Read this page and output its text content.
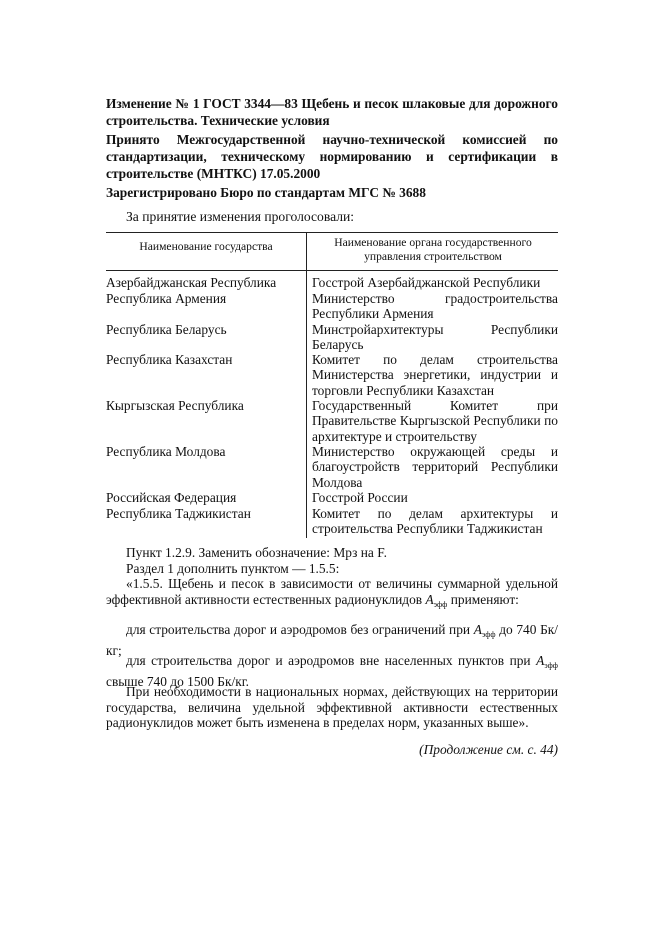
Изменение № 1 ГОСТ 3344—83 Щебень и песок шлаковые для дорожного строительства. Технические условия

Принято Межгосударственной научно-технической комиссией по стандартизации, техническому нормированию и сертификации в строительстве (МНТКС) 17.05.2000

Зарегистрировано Бюро по стандартам МГС № 3688

За принятие изменения проголосовали:
Наименование государства	Наименование органа государственного управления строительством
Азербайджанская Республика	Госстрой Азербайджанской Республики
Республика Армения	Министерство градостроительства Республики Армения
Республика Беларусь	Минстройархитектуры Республики Беларусь
Республика Казахстан	Комитет по делам строительства Министерства энергетики, индустрии и торговли Республики Казахстан
Кыргызская Республика	Государственный Комитет при Правительстве Кыргызской Республики по архитектуре и строительству
Республика Молдова	Министерство окружающей среды и благоустройств территорий Республики Молдова
Российская Федерация	Госстрой России
Республика Таджикистан	Комитет по делам архитектуры и строительства Республики Таджикистан

Пункт 1.2.9. Заменить обозначение: Мрз на F.

Раздел 1 дополнить пунктом — 1.5.5:

«1.5.5. Щебень и песок в зависимости от величины суммарной удельной эффективной активности естественных радионуклидов $A_{эфф}$ применяют:

для строительства дорог и аэродромов без ограничений при $A_{эфф}$ до 740 Бк/кг;

для строительства дорог и аэродромов вне населенных пунктов при $A_{эфф}$ свыше 740 до 1500 Бк/кг.

При необходимости в национальных нормах, действующих на территории государства, величина удельной эффективной активности естественных радионуклидов может быть изменена в пределах норм, указанных выше».

(Продолжение см. с. 44)
